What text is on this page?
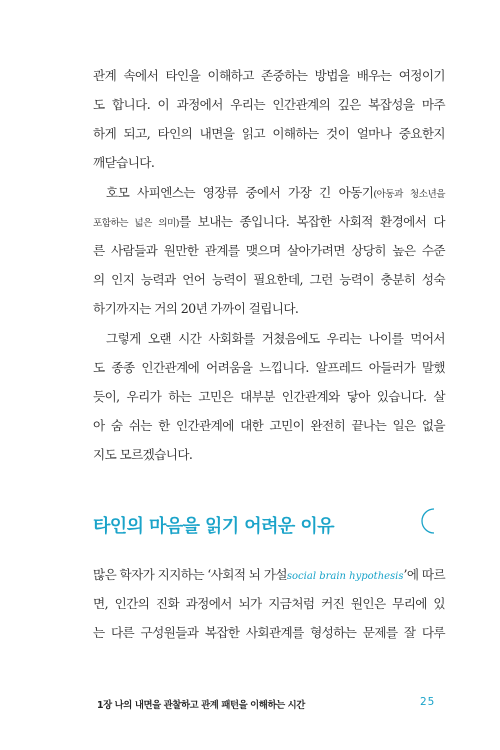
관계 속에서 타인을 이해하고 존중하는 방법을 배우는 여정이기
도 합니다. 이 과정에서 우리는 인간관계의 깊은 복잡성을 마주
하게 되고, 타인의 내면을 읽고 이해하는 것이 얼마나 중요한지
깨닫습니다.
호모 사피엔스는 영장류 중에서 가장 긴 아동기(아동과 청소년을
포함하는 넓은 의미)를 보내는 종입니다. 복잡한 사회적 환경에서 다
른 사람들과 원만한 관계를 맺으며 살아가려면 상당히 높은 수준
의 인지 능력과 언어 능력이 필요한데, 그런 능력이 충분히 성숙
하기까지는 거의 20년 가까이 걸립니다.
그렇게 오랜 시간 사회화를 거쳤음에도 우리는 나이를 먹어서
도 종종 인간관계에 어려움을 느낍니다. 알프레드 아들러가 말했
듯이, 우리가 하는 고민은 대부분 인간관계와 닿아 있습니다. 살
아 숨 쉬는 한 인간관계에 대한 고민이 완전히 끝나는 일은 없을
지도 모르겠습니다.
타인의 마음을 읽기 어려운 이유
많은 학자가 지지하는 ‘사회적 뇌 가설social brain hypothesis’에 따르
면, 인간의 진화 과정에서 뇌가 지금처럼 커진 원인은 무리에 있
는 다른 구성원들과 복잡한 사회관계를 형성하는 문제를 잘 다루
1장 나의 내면을 관찰하고 관계 패턴을 이해하는 시간	25
